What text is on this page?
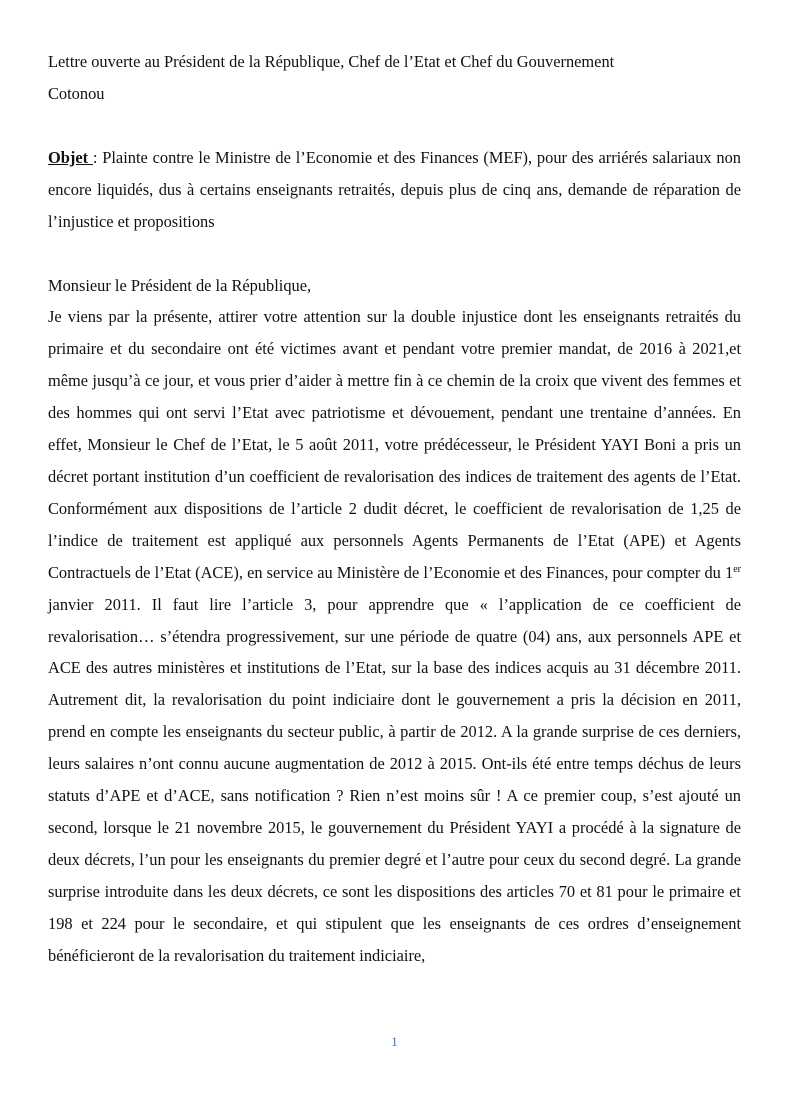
Lettre ouverte au Président de la République, Chef de l’Etat et Chef du Gouvernement

Cotonou

Objet : Plainte contre le Ministre de l’Economie et des Finances (MEF), pour des arriérés salariaux non encore liquidés, dus à certains enseignants retraités, depuis plus de cinq ans, demande de réparation de l’injustice et propositions

Monsieur le Président de la République,

Je viens par la présente, attirer votre attention sur la double injustice dont les enseignants retraités du primaire et du secondaire ont été victimes avant et pendant votre premier mandat, de 2016 à 2021,et même jusqu’à ce jour, et vous prier d’aider à mettre fin à ce chemin de la croix que vivent des femmes et des hommes qui ont servi l’Etat avec patriotisme et dévouement, pendant une trentaine d’années. En effet, Monsieur le Chef de l’Etat, le 5 août 2011, votre prédécesseur, le Président YAYI Boni a pris un décret portant institution d’un coefficient de revalorisation des indices de traitement des agents de l’Etat. Conformément aux dispositions de l’article 2 dudit décret, le coefficient de revalorisation de 1,25 de l’indice de traitement est appliqué aux personnels Agents Permanents de l’Etat (APE) et Agents Contractuels de l’Etat (ACE), en service au Ministère de l’Economie et des Finances, pour compter du 1er janvier 2011. Il faut lire l’article 3, pour apprendre que « l’application de ce coefficient de revalorisation… s’étendra progressivement, sur une période de quatre (04) ans, aux personnels APE et ACE des autres ministères et institutions de l’Etat, sur la base des indices acquis au 31 décembre 2011. Autrement dit, la revalorisation du point indiciaire dont le gouvernement a pris la décision en 2011, prend en compte les enseignants du secteur public, à partir de 2012. A la grande surprise de ces derniers, leurs salaires n’ont connu aucune augmentation de 2012 à 2015. Ont-ils été entre temps déchus de leurs statuts d’APE et d’ACE, sans notification ? Rien n’est moins sûr ! A ce premier coup, s’est ajouté un second, lorsque le 21 novembre 2015, le gouvernement du Président YAYI a procédé à la signature de deux décrets, l’un pour les enseignants du premier degré et l’autre pour ceux du second degré. La grande surprise introduite dans les deux décrets, ce sont les dispositions des articles 70 et 81 pour le primaire et 198 et 224 pour le secondaire, et qui stipulent que les enseignants de ces ordres d’enseignement bénéficieront de la revalorisation du traitement indiciaire,

1
